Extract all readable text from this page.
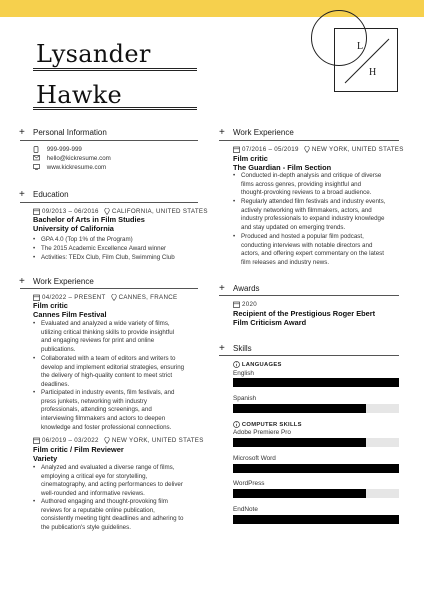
L
H
Lysander
Hawke
+ Personal Information
999-999-999
hello@kickresume.com
www.kickresume.com
+ Education
09/2013 – 06/2016 CALIFORNIA, UNITED STATES
Bachelor of Arts in Film Studies
University of California
• GPA 4.0 (Top 1% of the Program)
• The 2015 Academic Excellence Award winner
• Activities: TEDx Club, Film Club, Swimming Club
+ Work Experience
04/2022 – PRESENT CANNES, FRANCE
Film critic
Cannes Film Festival
• Evaluated and analyzed a wide variety of films,
utilizing critical thinking skills to provide insightful
and engaging reviews for print and online
publications.
• Collaborated with a team of editors and writers to
develop and implement editorial strategies, ensuring
the delivery of high-quality content to meet strict
deadlines.
• Participated in industry events, film festivals, and
press junkets, networking with industry
professionals, attending screenings, and
interviewing filmmakers and actors to deepen
knowledge and foster professional connections.
06/2019 – 03/2022 NEW YORK, UNITED STATES
Film critic / Film Reviewer
Variety
• Analyzed and evaluated a diverse range of films,
employing a critical eye for storytelling,
cinematography, and acting performances to deliver
well-rounded and informative reviews.
• Authored engaging and thought-provoking film
reviews for a reputable online publication,
consistently meeting tight deadlines and adhering to
the publication's style guidelines.
+ Work Experience
07/2016 – 05/2019 NEW YORK, UNITED STATES
Film critic
The Guardian - Film Section
• Conducted in-depth analysis and critique of diverse
films across genres, providing insightful and
thought-provoking reviews to a broad audience.
• Regularly attended film festivals and industry events,
actively networking with filmmakers, actors, and
industry professionals to expand industry knowledge
and stay updated on emerging trends.
• Produced and hosted a popular film podcast,
conducting interviews with notable directors and
actors, and offering expert commentary on the latest
film releases and industry news.
+ Awards
2020
Recipient of the Prestigious Roger Ebert
Film Criticism Award
+ Skills
LANGUAGES
English
Spanish
COMPUTER SKILLS
Adobe Premiere Pro
Microsoft Word
WordPress
EndNote
